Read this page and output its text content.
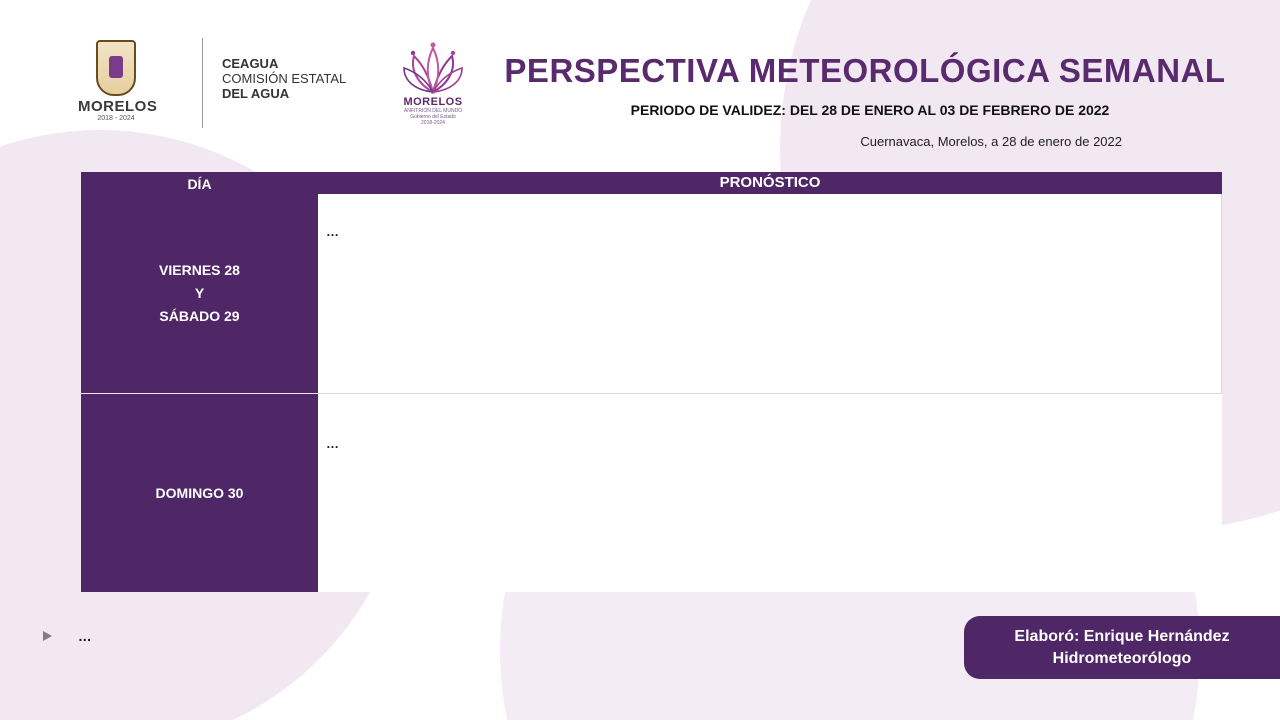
MORELOS
2018 - 2024
CEAGUA
COMISIÓN ESTATAL
DEL AGUA
MORELOS
ANFITRIÓN DEL MUNDO
Gobierno del Estado
2018-2024
PERSPECTIVA METEOROLÓGICA SEMANAL
PERIODO DE VALIDEZ: DEL 28 DE ENERO AL 03 DE FEBRERO DE 2022
Cuernavaca, Morelos, a 28 de enero de 2022
DÍA	PRONÓSTICO
VIERNES 28
Y
SÁBADO 29
…
DOMINGO 30
…
…	Elaboró: Enrique Hernández
Hidrometeorólogo
